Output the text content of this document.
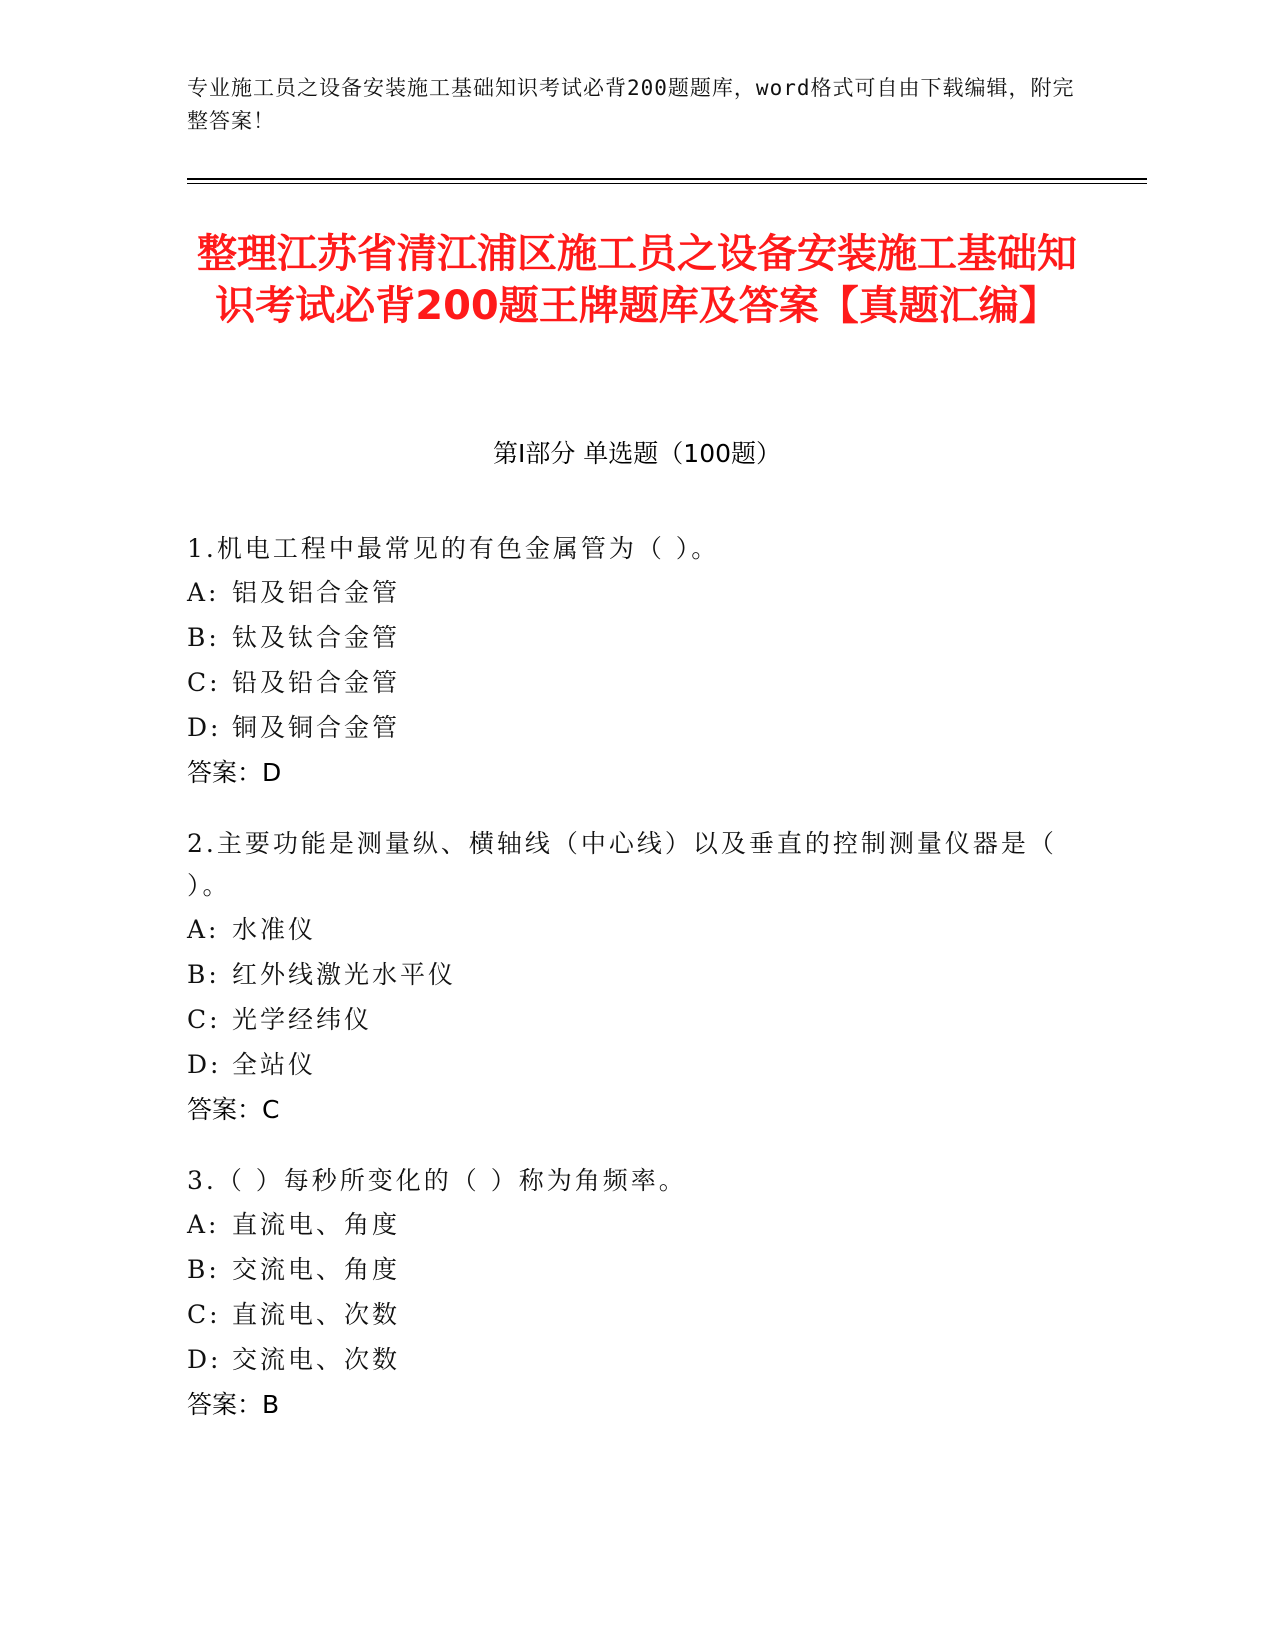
专业施工员之设备安装施工基础知识考试必背200题题库，word格式可自由下载编辑，附完整答案！
整理江苏省清江浦区施工员之设备安装施工基础知识考试必背200题王牌题库及答案【真题汇编】
第Ⅰ部分 单选题（100题）

1.机电工程中最常见的有色金属管为（ ）。

A: 铝及铝合金管

B: 钛及钛合金管

C: 铅及铅合金管

D: 铜及铜合金管

答案：D

2.主要功能是测量纵、横轴线（中心线）以及垂直的控制测量仪器是（ ）。

A: 水准仪

B: 红外线激光水平仪

C: 光学经纬仪

D: 全站仪

答案：C

3.（ ）每秒所变化的（ ）称为角频率。

A: 直流电、角度

B: 交流电、角度

C: 直流电、次数

D: 交流电、次数

答案：B
